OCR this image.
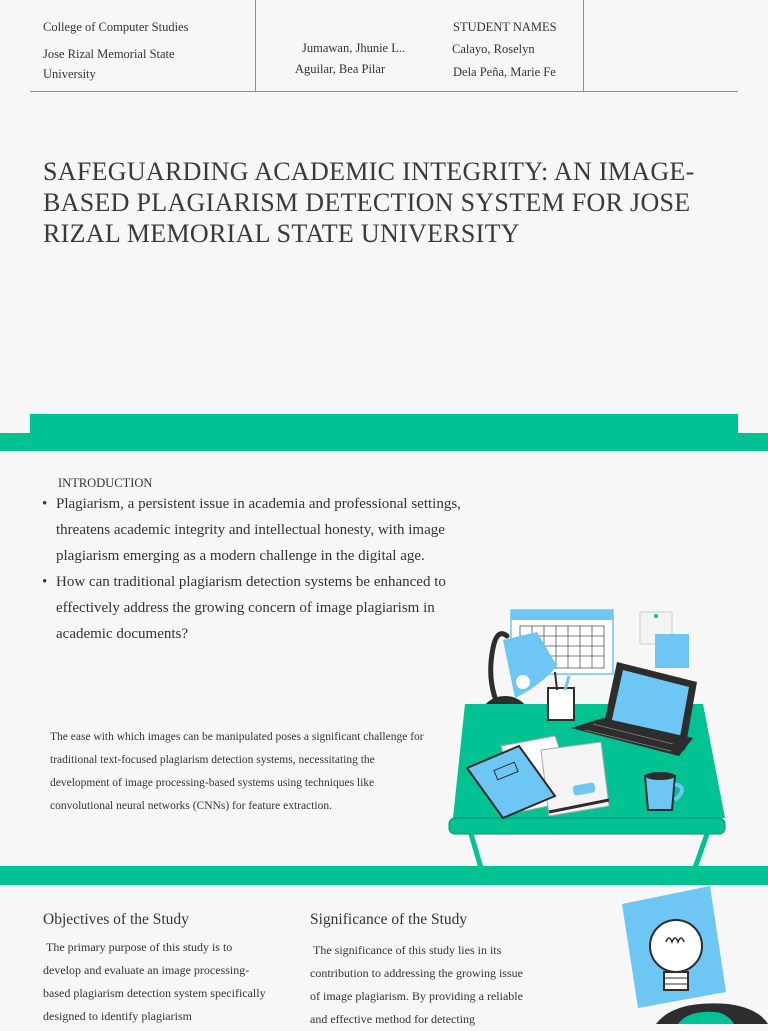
College of Computer Studies
Jose Rizal Memorial State
University
Jumawan, Jhunie L..
Aguilar, Bea Pilar
STUDENT NAMES
Calayo, Roselyn
Dela Peña, Marie Fe
SAFEGUARDING ACADEMIC INTEGRITY: AN IMAGE-BASED PLAGIARISM DETECTION SYSTEM FOR JOSE RIZAL MEMORIAL STATE UNIVERSITY
INTRODUCTION
• Plagiarism, a persistent issue in academia and professional settings, threatens academic integrity and intellectual honesty, with image plagiarism emerging as a modern challenge in the digital age.
• How can traditional plagiarism detection systems be enhanced to effectively address the growing concern of image plagiarism in academic documents?
The ease with which images can be manipulated poses a significant challenge for traditional text-focused plagiarism detection systems, necessitating the development of image processing-based systems using techniques like convolutional neural networks (CNNs) for feature extraction.
Objectives of the Study
The primary purpose of this study is to develop and evaluate an image processing-based plagiarism detection system specifically designed to identify plagiarism
Significance of the Study
The significance of this study lies in its contribution to addressing the growing issue of image plagiarism. By providing a reliable and effective method for detecting
